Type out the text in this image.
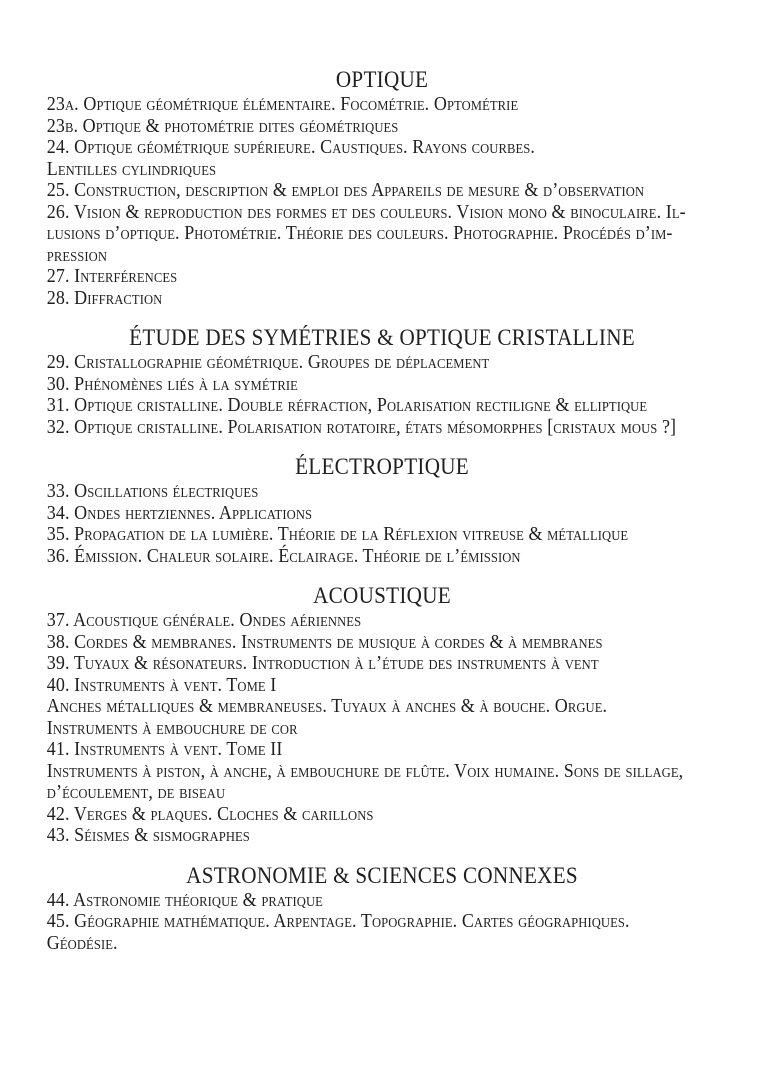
OPTIQUE
23a. Optique géométrique élémentaire. Focométrie. Optométrie
23b. Optique & photométrie dites géométriques
24. Optique géométrique supérieure. Caustiques. Rayons courbes.
Lentilles cylindriques
25. Construction, description & emploi des Appareils de mesure & d’observation
26. Vision & reproduction des formes et des couleurs. Vision mono & binoculaire. Il-
lusions d’optique. Photométrie. Théorie des couleurs. Photographie. Procédés d’im-
pression
27. Interférences
28. Diffraction
ÉTUDE DES SYMÉTRIES & OPTIQUE CRISTALLINE
29. Cristallographie géométrique. Groupes de déplacement
30. Phénomènes liés à la symétrie
31. Optique cristalline. Double réfraction, Polarisation rectiligne & elliptique
32. Optique cristalline. Polarisation rotatoire, états mésomorphes [cristaux mous ?]
ÉLECTROPTIQUE
33. Oscillations électriques
34. Ondes hertziennes. Applications
35. Propagation de la lumière. Théorie de la Réflexion vitreuse & métallique
36. Émission. Chaleur solaire. Éclairage. Théorie de l’émission
ACOUSTIQUE
37. Acoustique générale. Ondes aériennes
38. Cordes & membranes. Instruments de musique à cordes & à membranes
39. Tuyaux & résonateurs. Introduction à l’étude des instruments à vent
40. Instruments à vent. Tome I
Anches métalliques & membraneuses. Tuyaux à anches & à bouche. Orgue.
Instruments à embouchure de cor
41. Instruments à vent. Tome II
Instruments à piston, à anche, à embouchure de flûte. Voix humaine. Sons de sillage,
d’écoulement, de biseau
42. Verges & plaques. Cloches & carillons
43. Séismes & sismographes
ASTRONOMIE & SCIENCES CONNEXES
44. Astronomie théorique & pratique
45. Géographie mathématique. Arpentage. Topographie. Cartes géographiques.
Géodésie.
